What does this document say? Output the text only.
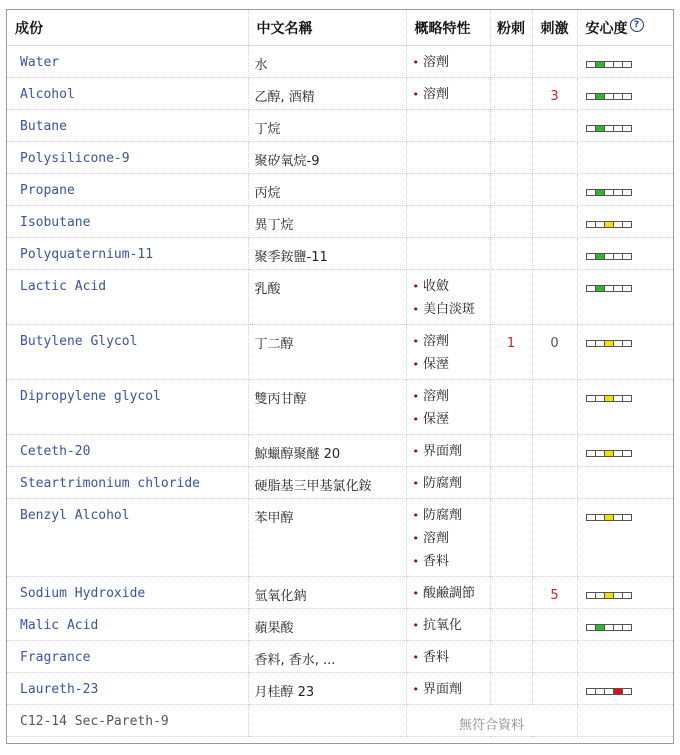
成份	中文名稱	概略特性	粉刺	刺激	安心度 ?
Water	水	• 溶劑			

Alcohol	乙醇, 酒精	• 溶劑		3	

Butane	丁烷				

Polysilicone-9	聚矽氧烷-9				
Propane	丙烷				

Isobutane	異丁烷				

Polyquaternium-11	聚季銨鹽-11				

Lactic Acid	乳酸	• 收斂
• 美白淡斑			

Butylene Glycol	丁二醇	• 溶劑
• 保溼	1	0	

Dipropylene glycol	雙丙甘醇	• 溶劑
• 保溼			

Ceteth-20	鯨蠟醇聚醚 20	• 界面劑			

Steartrimonium chloride	硬脂基三甲基氯化銨	• 防腐劑			

Benzyl Alcohol	苯甲醇	• 防腐劑
• 溶劑
• 香料			

Sodium Hydroxide	氫氧化鈉	• 酸鹼調節		5	

Malic Acid	蘋果酸	• 抗氧化			

Fragrance	香料, 香水, ...	• 香料			

Laureth-23	月桂醇 23	• 界面劑			

C12-14 Sec-Pareth-9		無符合資料			
